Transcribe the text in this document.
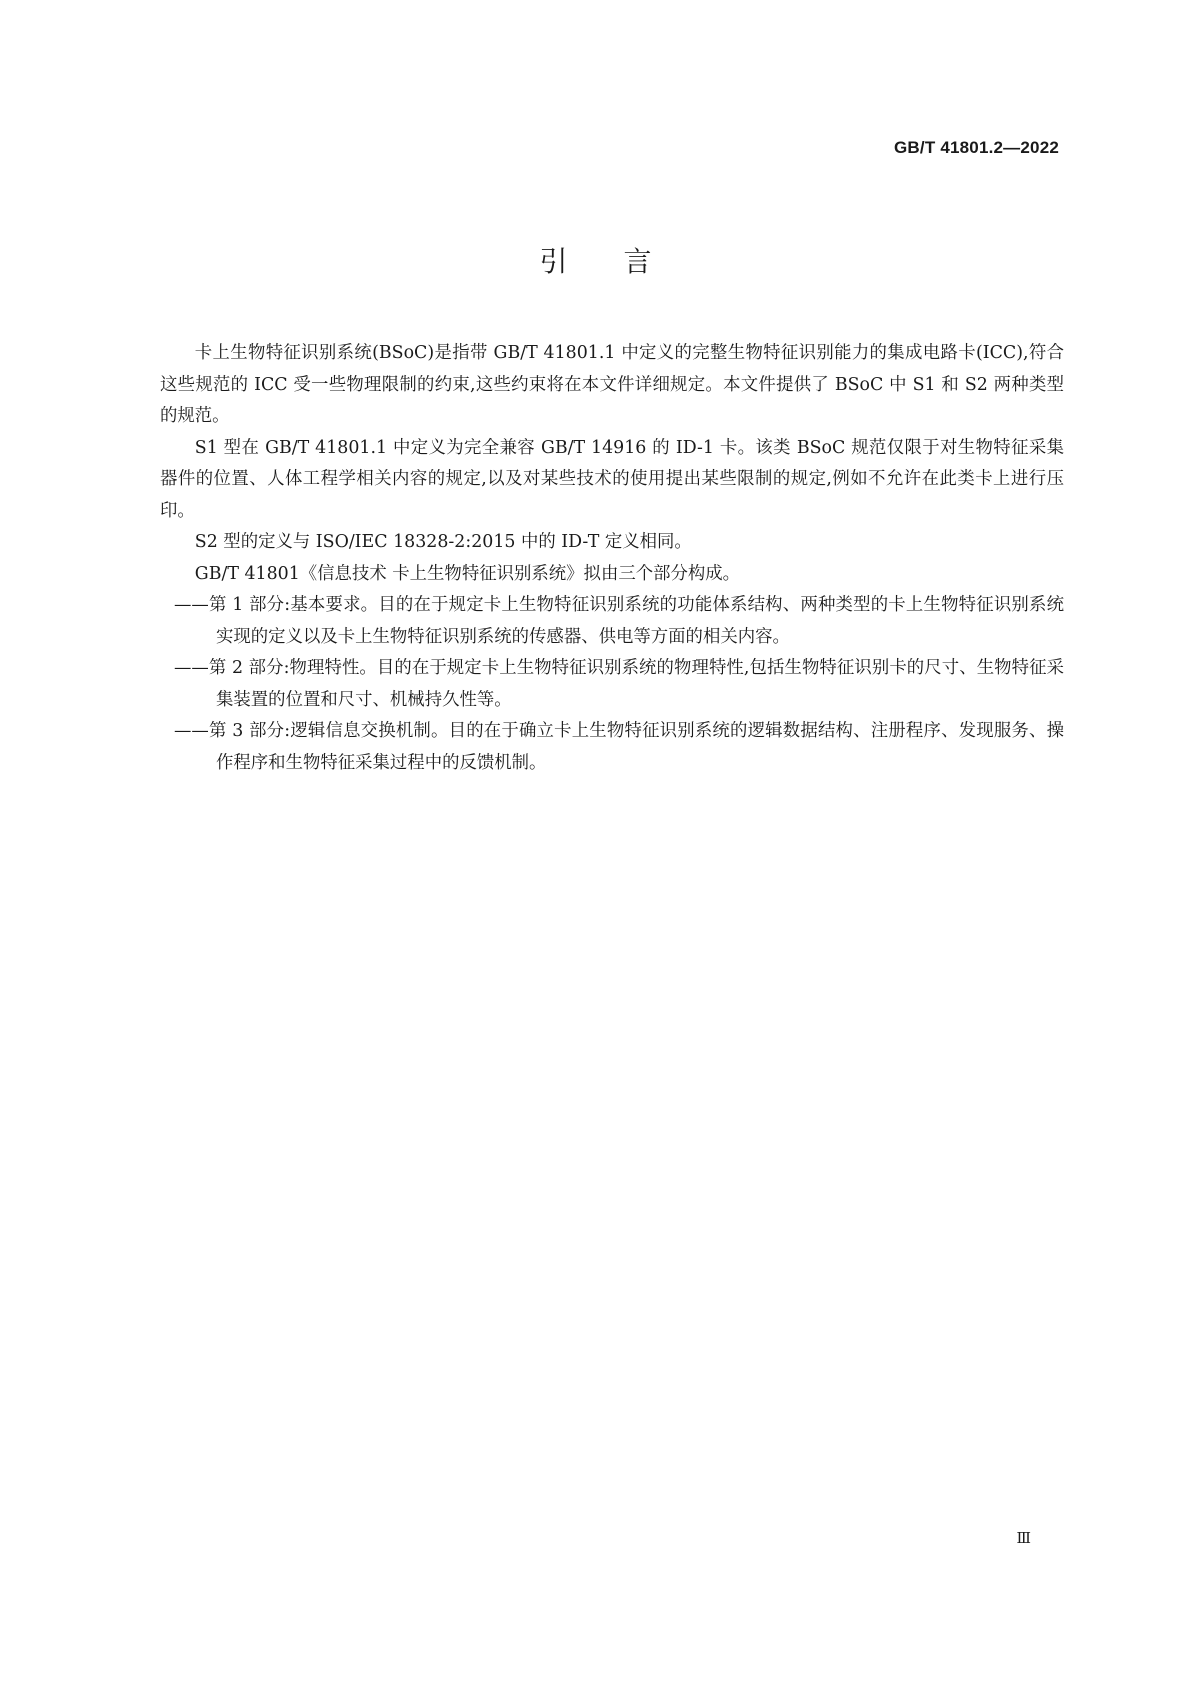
GB/T 41801.2—2022
引言

卡上生物特征识别系统(BSoC)是指带 GB/T 41801.1 中定义的完整生物特征识别能力的集成电路卡(ICC),符合这些规范的 ICC 受一些物理限制的约束,这些约束将在本文件详细规定。本文件提供了 BSoC 中 S1 和 S2 两种类型的规范。

S1 型在 GB/T 41801.1 中定义为完全兼容 GB/T 14916 的 ID-1 卡。该类 BSoC 规范仅限于对生物特征采集器件的位置、人体工程学相关内容的规定,以及对某些技术的使用提出某些限制的规定,例如不允许在此类卡上进行压印。

S2 型的定义与 ISO/IEC 18328-2:2015 中的 ID-T 定义相同。

GB/T 41801《信息技术 卡上生物特征识别系统》拟由三个部分构成。

——第 1 部分:基本要求。目的在于规定卡上生物特征识别系统的功能体系结构、两种类型的卡上生物特征识别系统实现的定义以及卡上生物特征识别系统的传感器、供电等方面的相关内容。

——第 2 部分:物理特性。目的在于规定卡上生物特征识别系统的物理特性,包括生物特征识别卡的尺寸、生物特征采集装置的位置和尺寸、机械持久性等。

——第 3 部分:逻辑信息交换机制。目的在于确立卡上生物特征识别系统的逻辑数据结构、注册程序、发现服务、操作程序和生物特征采集过程中的反馈机制。

Ⅲ
